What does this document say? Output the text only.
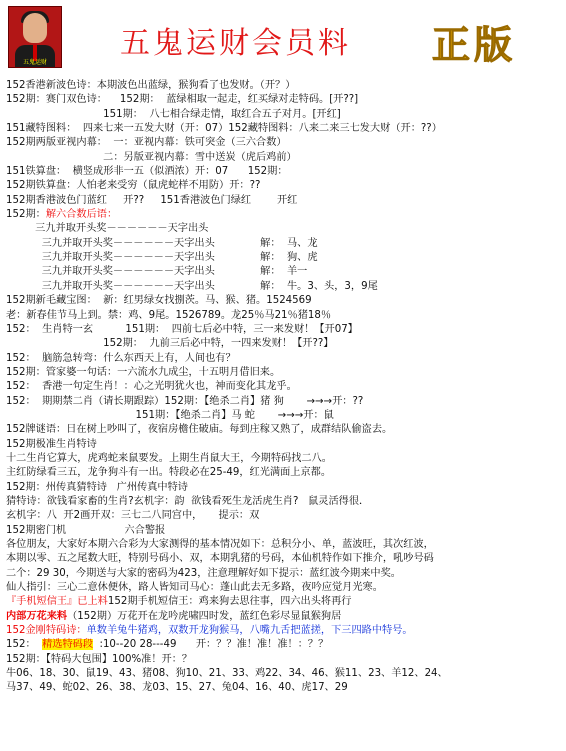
五鬼运财
五鬼运财会员料 正版
152香港新波色诗：本期波色出蓝绿，猴狗看了也发财。（开？）
152期：赛门双色诗：    152期：  蓝绿相取一起走，红买绿对走特码。[开??]
151期：  八七相合绿走情，取红合五子对月。[开红]
151藏特图料：  四来七来一五发大财（开：07）152藏特图料：八来二来三七发大财（开：??）
152期两版亚视内幕：  一：亚视内幕：铁可突金（三六合数）
二：另版亚视内幕：雪中送炭（虎后鸡前）
151铁算盘：  横竖成形非一五（似酒浓）开：07      152期：
152期铁算盘：人怕老来受穷（鼠虎蛇样不用防）开：??
152期香港波色门蓝红     开??     151香港波色门绿红        开红
152期：解六合数后语：
三九并取开头奖－－－－－－天字出头
三九并取开头奖－－－－－－天字出头              解：  马、龙
三九并取开头奖－－－－－－天字出头              解：  狗、虎
三九并取开头奖－－－－－－天字出头              解：  羊一
三九并取开头奖－－－－－－天字出头              解：  牛。3、头，3，9尾
152期新毛藏宝图：  新：红男绿女找捌茨。马、猴、猪。1524569
老：新春佳节马上到。禁：鸡、9尾。1526789。龙25％马21％猪18％
152：  生肖特一玄          151期：  四前七后必中特，三一来发财！【开07】
152期：  九前三后必中特，一四来发财！【开??】
152：  脑筋急转弯：什么东西天上有，人间也有？
152期：管家婆一句话：一六流水九成尘，十五明月借旧来。
152：  香港一句定生肖！：心之光明犹火也，神而变化其龙乎。
152：  期期禁二肖（请长期跟踪）152期：【绝杀二肖】猪 狗       →→→开：??
151期：【绝杀二肖】马 蛇       →→→开：鼠
152牌谜语：日在树上吵叫了，夜宿房檐住破庙。每到庄稼又熟了，成群结队偷盗去。
152期极准生肖特诗
十二生肖它算大，虎鸡蛇来鼠要发。上期生肖鼠大王，今期特码找二八。
主红防绿看三五，龙争狗斗有一出。特段必在25-49，红光满面上京都。
152期：州传真猜特诗   广州传真中特诗
猜特诗：欲钱看家畜的生肖?玄机字：韵  欲钱看死生龙活虎生肖?   鼠灵活得很．
玄机字：八  开2画开双：三七二八同宫中，     提示：双
152期密门机                  六合警报
各位朋友，大家好本期六合彩为大家测得的基本情况如下：总积分小、单，蓝波旺，其次红波，
本期以零、五之尾数大旺，特别号码小、双，本期乳猪的号码，本仙机特作如下推介，吼吵号码
二个：29 30，今期送与大家的密码为423，注意理解好如下提示：蓝红波今期来中奖。
仙人指引：三心二意休便休，路人皆知司马心：蓬山此去无多路，夜吟应觉月光寒。
『手机短信王』已上料152期手机短信王：鸡来狗去思往事，四六出头将再行
内部万花来料（152期）万花开在龙吟虎啸四时发，蓝红色彩尽显鼠猴狗居
152金刚特码诗：单数羊兔牛猪鸡，双数开龙狗猴马，八嘴九舌把蓝搓，下三四路中特号。
152：  精选特码段  :10--20 28---49      开：？？准！准！准！：？？
152期：【特码大包围】100%准！开：？
牛06、18、30、鼠19、43、猪08、狗10、21、33、鸡22、34、46、猴11、23、羊12、24、
马37、49、蛇02、26、38、龙03、15、27、兔04、16、40、虎17、29
